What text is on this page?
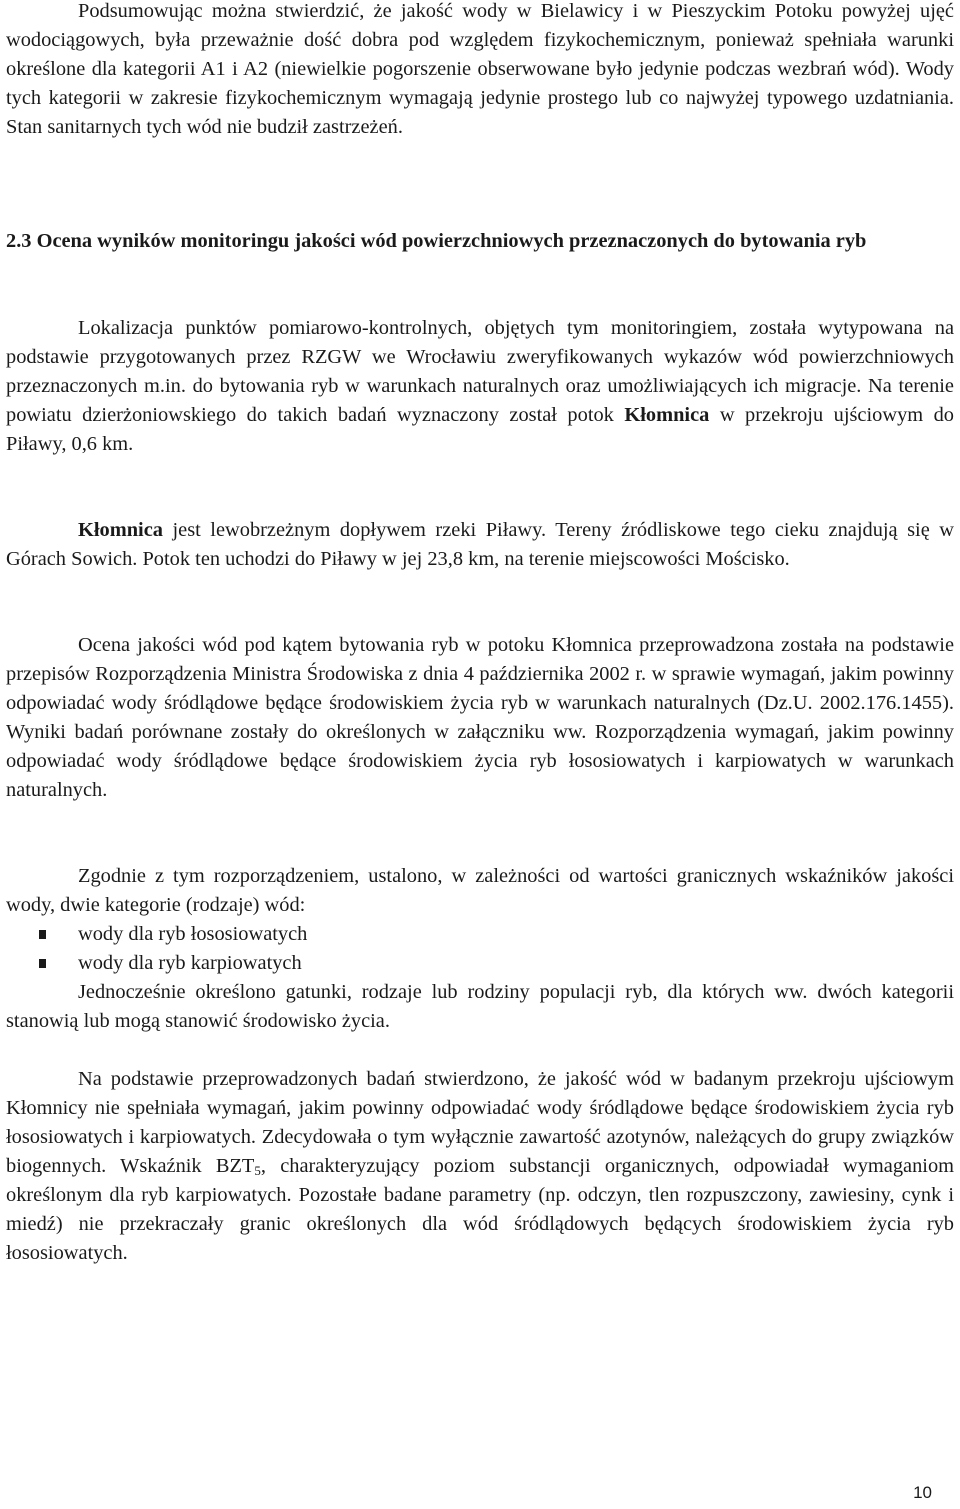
Podsumowując można stwierdzić, że jakość wody w Bielawicy i w Pieszyckim Potoku powyżej ujęć wodociągowych, była przeważnie dość dobra pod względem fizykochemicznym, ponieważ spełniała warunki określone dla kategorii A1 i A2 (niewielkie pogorszenie obserwowane było jedynie podczas wezbrań wód). Wody tych kategorii w zakresie fizykochemicznym wymagają jedynie prostego lub co najwyżej typowego uzdatniania. Stan sanitarnych tych wód nie budził zastrzeżeń.

2.3 Ocena wyników monitoringu jakości wód powierzchniowych przeznaczonych do bytowania ryb

Lokalizacja punktów pomiarowo-kontrolnych, objętych tym monitoringiem, została wytypowana na podstawie przygotowanych przez RZGW we Wrocławiu zweryfikowanych wykazów wód powierzchniowych przeznaczonych m.in. do bytowania ryb w warunkach naturalnych oraz umożliwiających ich migracje. Na terenie powiatu dzierżoniowskiego do takich badań wyznaczony został potok Kłomnica w przekroju ujściowym do Piławy, 0,6 km.

Kłomnica jest lewobrzeżnym dopływem rzeki Piławy. Tereny źródliskowe tego cieku znajdują się w Górach Sowich. Potok ten uchodzi do Piławy w jej 23,8 km, na terenie miejscowości Mościsko.

Ocena jakości wód pod kątem bytowania ryb w potoku Kłomnica przeprowadzona została na podstawie przepisów Rozporządzenia Ministra Środowiska z dnia 4 października 2002 r. w sprawie wymagań, jakim powinny odpowiadać wody śródlądowe będące środowiskiem życia ryb w warunkach naturalnych (Dz.U. 2002.176.1455). Wyniki badań porównane zostały do określonych w załączniku ww. Rozporządzenia wymagań, jakim powinny odpowiadać wody śródlądowe będące środowiskiem życia ryb łososiowatych i karpiowatych w warunkach naturalnych.

Zgodnie z tym rozporządzeniem, ustalono, w zależności od wartości granicznych wskaźników jakości wody, dwie kategorie (rodzaje) wód:

wody dla ryb łososiowatych
wody dla ryb karpiowatych

Jednocześnie określono gatunki, rodzaje lub rodziny populacji ryb, dla których ww. dwóch kategorii stanowią lub mogą stanowić środowisko życia.

Na podstawie przeprowadzonych badań stwierdzono, że jakość wód w badanym przekroju ujściowym Kłomnicy nie spełniała wymagań, jakim powinny odpowiadać wody śródlądowe będące środowiskiem życia ryb łososiowatych i karpiowatych. Zdecydowała o tym wyłącznie zawartość azotynów, należących do grupy związków biogennych. Wskaźnik $BZT_5$, charakteryzujący poziom substancji organicznych, odpowiadał wymaganiom określonym dla ryb karpiowatych. Pozostałe badane parametry (np. odczyn, tlen rozpuszczony, zawiesiny, cynk i miedź) nie przekraczały granic określonych dla wód śródlądowych będących środowiskiem życia ryb łososiowatych.

10
